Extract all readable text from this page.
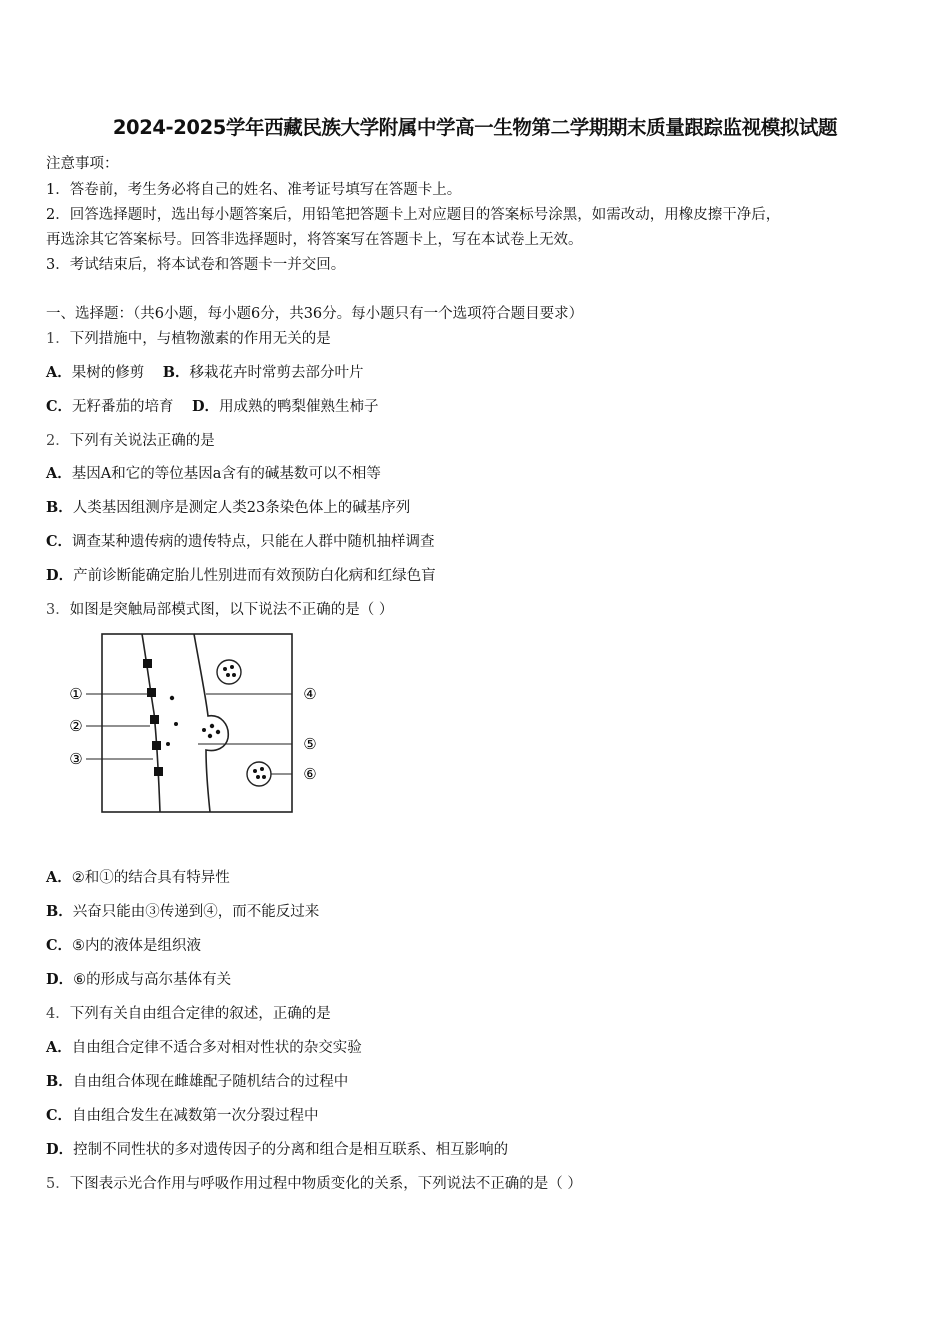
2024-2025学年西藏民族大学附属中学高一生物第二学期期末质量跟踪监视模拟试题
注意事项：
1．答卷前，考生务必将自己的姓名、准考证号填写在答题卡上。
2．回答选择题时，选出每小题答案后，用铅笔把答题卡上对应题目的答案标号涂黑，如需改动，用橡皮擦干净后，
再选涂其它答案标号。回答非选择题时，将答案写在答题卡上，写在本试卷上无效。
3．考试结束后，将本试卷和答题卡一并交回。
一、选择题：（共6小题，每小题6分，共36分。每小题只有一个选项符合题目要求）
1．下列措施中，与植物激素的作用无关的是
A．果树的修剪 B．移栽花卉时常剪去部分叶片
C．无籽番茄的培育 D．用成熟的鸭梨催熟生柿子
2．下列有关说法正确的是
A．基因A和它的等位基因a含有的碱基数可以不相等
B．人类基因组测序是测定人类23条染色体上的碱基序列
C．调查某种遗传病的遗传特点，只能在人群中随机抽样调查
D．产前诊断能确定胎儿性别进而有效预防白化病和红绿色盲
3．如图是突触局部模式图，以下说法不正确的是（ ）
①
②
③
④
⑤
⑥
A．②和①的结合具有特异性
B．兴奋只能由③传递到④，而不能反过来
C．⑤内的液体是组织液
D．⑥的形成与高尔基体有关
4．下列有关自由组合定律的叙述，正确的是
A．自由组合定律不适合多对相对性状的杂交实验
B．自由组合体现在雌雄配子随机结合的过程中
C．自由组合发生在减数第一次分裂过程中
D．控制不同性状的多对遗传因子的分离和组合是相互联系、相互影响的
5．下图表示光合作用与呼吸作用过程中物质变化的关系，下列说法不正确的是（ ）
